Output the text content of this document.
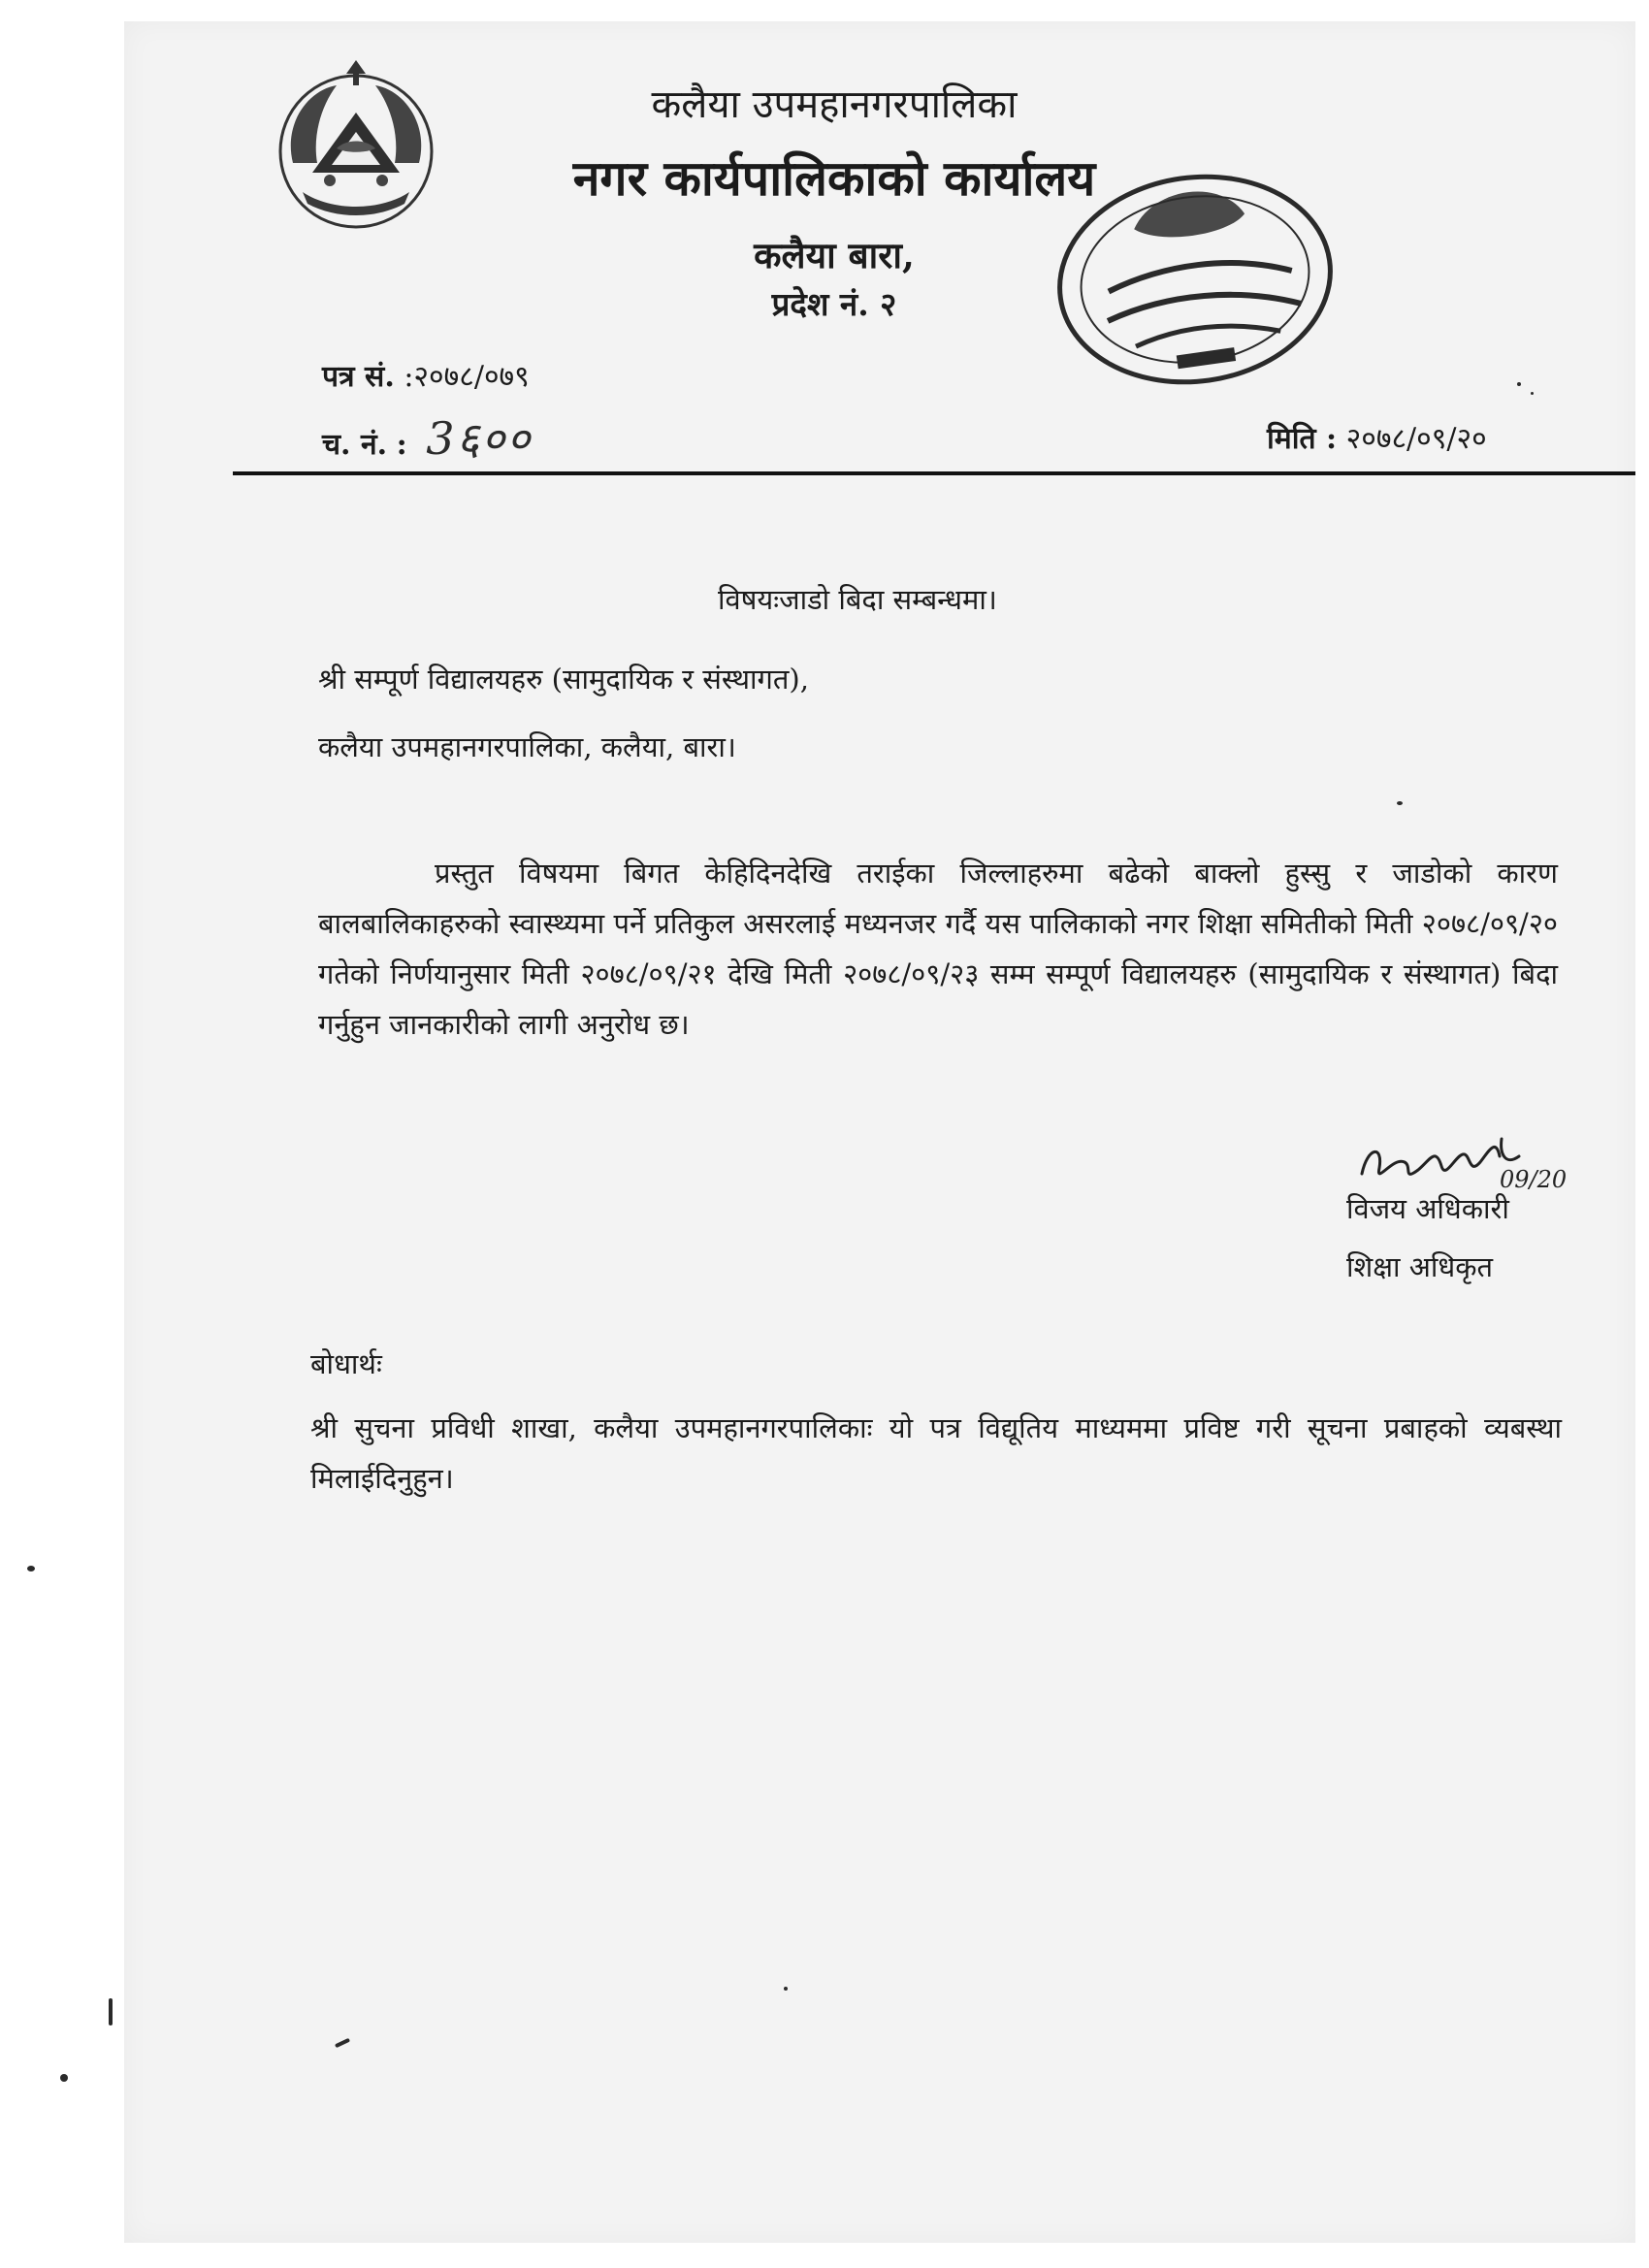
कलैया उपमहानगरपालिका
नगर कार्यपालिकाको कार्यालय
कलैया बारा,
प्रदेश नं. २
पत्र सं. :२०७८/०७९
च. नं. : 3६००	मिति : २०७८/०९/२०
विषयःजाडो बिदा सम्बन्धमा।
श्री सम्पूर्ण विद्यालयहरु (सामुदायिक र संस्थागत),
कलैया उपमहानगरपालिका, कलैया, बारा।
प्रस्तुत विषयमा बिगत केहिदिनदेखि तराईका जिल्लाहरुमा बढेको बाक्लो हुस्सु र जाडोको कारण बालबालिकाहरुको स्वास्थ्यमा पर्ने प्रतिकुल असरलाई मध्यनजर गर्दै यस पालिकाको नगर शिक्षा समितीको मिती २०७८/०९/२० गतेको निर्णयानुसार मिती २०७८/०९/२१ देखि मिती २०७८/०९/२३ सम्म सम्पूर्ण विद्यालयहरु (सामुदायिक र संस्थागत) बिदा गर्नुहुन जानकारीको लागी अनुरोध छ।
09/20
विजय अधिकारी
शिक्षा अधिकृत
बोधार्थः
श्री सुचना प्रविधी शाखा, कलैया उपमहानगरपालिकाः यो पत्र विद्यूतिय माध्यममा प्रविष्ट गरी सूचना प्रबाहको व्यबस्था मिलाईदिनुहुन।
